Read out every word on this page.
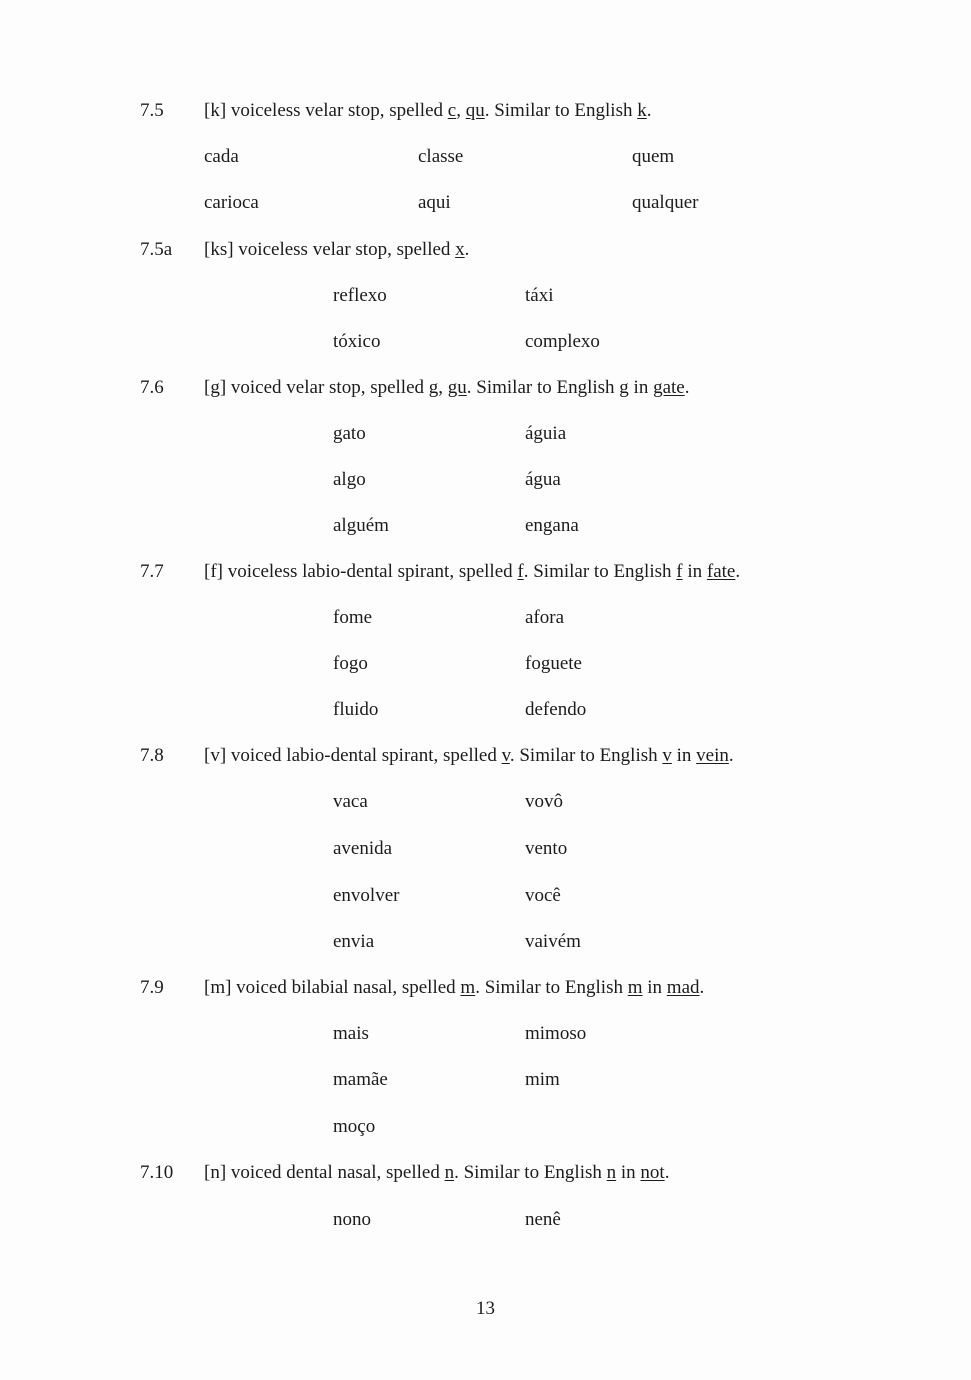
7.5 [k] voiceless velar stop, spelled c, qu. Similar to English k.
cada	classe	quem
carioca	aqui	qualquer
7.5a [ks] voiceless velar stop, spelled x.
reflexo	táxi
tóxico	complexo
7.6 [g] voiced velar stop, spelled g, gu. Similar to English g in gate.
gato	águia
algo	água
alguém	engana
7.7 [f] voiceless labio-dental spirant, spelled f. Similar to English f in fate.
fome	afora
fogo	foguete
fluido	defendo
7.8 [v] voiced labio-dental spirant, spelled v. Similar to English v in vein.
vaca	vovô
avenida	vento
envolver	você
envia	vaivém
7.9 [m] voiced bilabial nasal, spelled m. Similar to English m in mad.
mais	mimoso
mamãe	mim
moço
7.10 [n] voiced dental nasal, spelled n. Similar to English n in not.
nono	nenê
13
